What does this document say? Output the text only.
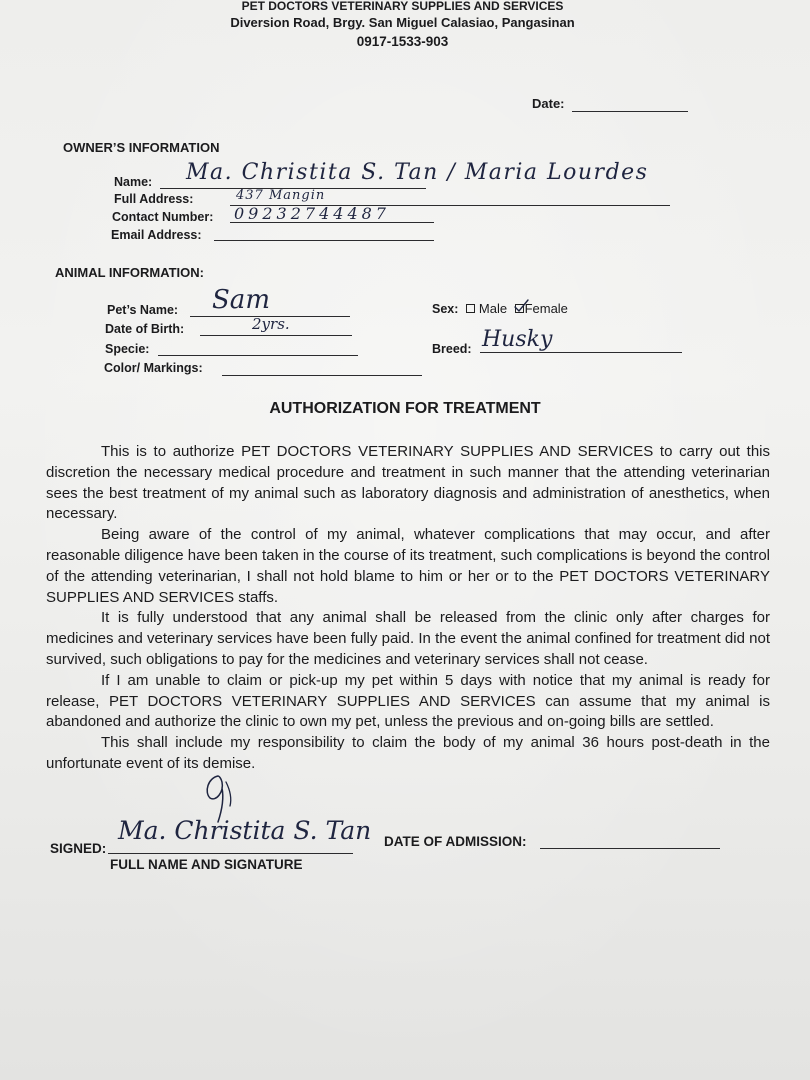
PET DOCTORS VETERINARY SUPPLIES AND SERVICES
Diversion Road, Brgy. San Miguel Calasiao, Pangasinan
0917-1533-903
Date:
OWNER’S INFORMATION
Name: Ma. Christita S. Tan / Maria Lourdes
Full Address:	437 Mangin
Contact Number: 09232744487
Email Address:
ANIMAL INFORMATION:
Pet’s Name: Sam
Date of Birth:	2yrs.
Specie:
Color/ Markings:
Sex: Male Female
Breed: Husky
AUTHORIZATION FOR TREATMENT

This is to authorize PET DOCTORS VETERINARY SUPPLIES AND SERVICES to carry out this discretion the necessary medical procedure and treatment in such manner that the attending veterinarian sees the best treatment of my animal such as laboratory diagnosis and administration of anesthetics, when necessary.

Being aware of the control of my animal, whatever complications that may occur, and after reasonable diligence have been taken in the course of its treatment, such complications is beyond the control of the attending veterinarian, I shall not hold blame to him or her or to the PET DOCTORS VETERINARY SUPPLIES AND SERVICES staffs.

It is fully understood that any animal shall be released from the clinic only after charges for medicines and veterinary services have been fully paid. In the event the animal confined for treatment did not survived, such obligations to pay for the medicines and veterinary services shall not cease.

If I am unable to claim or pick-up my pet within 5 days with notice that my animal is ready for release, PET DOCTORS VETERINARY SUPPLIES AND SERVICES can assume that my animal is abandoned and authorize the clinic to own my pet, unless the previous and on-going bills are settled.

This shall include my responsibility to claim the body of my animal 36 hours post-death in the unfortunate event of its demise.

SIGNED:
Ma. Christita S. Tan
FULL NAME AND SIGNATURE
DATE OF ADMISSION:
